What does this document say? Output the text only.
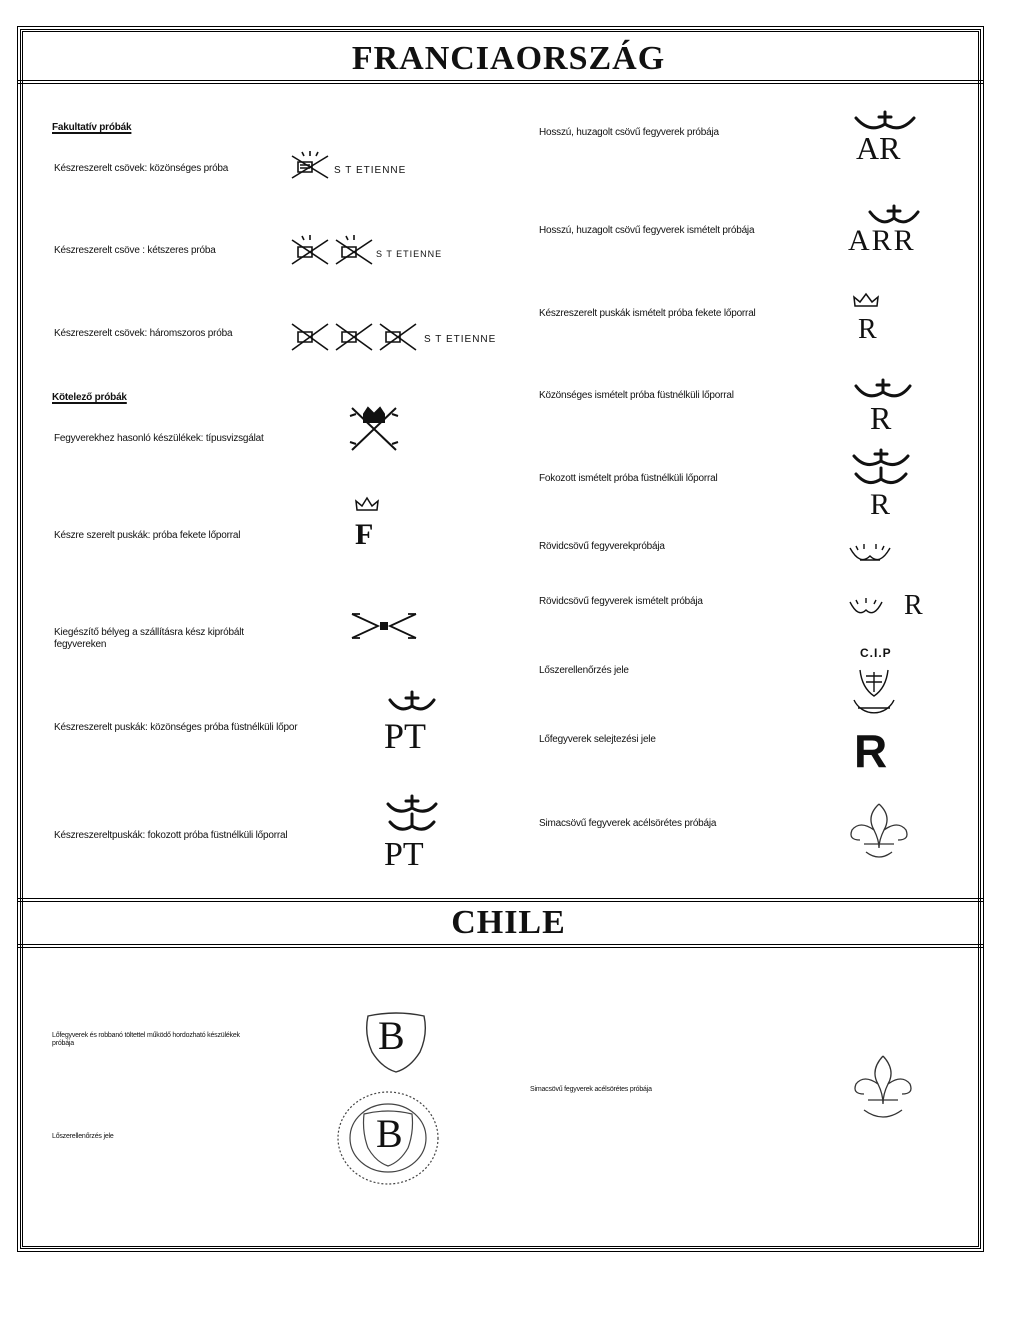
FRANCIAORSZÁG
Fakultatív próbák
Készreszerelt csövek: közönséges próba
Készreszerelt csöve : kétszeres próba
Készreszerelt csövek: háromszoros próba
Kötelező próbák
Fegyverekhez hasonló készülékek: típusvizsgálat
Készre szerelt puskák: próba fekete lőporral
Kiegészítő bélyeg a szállításra kész kipróbált fegyvereken
Készreszerelt puskák: közönséges próba füstnélküli lőpor
Készreszereltpuskák: fokozott próba füstnélküli lőporral
S T ETIENNE
S T ETIENNE
S T ETIENNE
F
PT
PT
Hosszú, huzagolt csövű fegyverek próbája
Hosszú, huzagolt csövű fegyverek ismételt próbája
Készreszerelt puskák ismételt próba fekete lőporral
Közönséges ismételt próba füstnélküli lőporral
Fokozott ismételt próba füstnélküli lőporral
Rövidcsövű fegyverekpróbája
Rövidcsövű fegyverek ismételt próbája
Lőszerellenőrzés jele
Lőfegyverek selejtezési jele
Simacsövű fegyverek acélsörétes próbája
AR
ARR
R
R
R
R
C.I.P
R
CHILE
Lőfegyverek és robbanó töltettel működő hordozható készülékek próbája
Lőszerellenőrzés jele
Simacsövű fegyverek acélsörétes próbája
B
B
